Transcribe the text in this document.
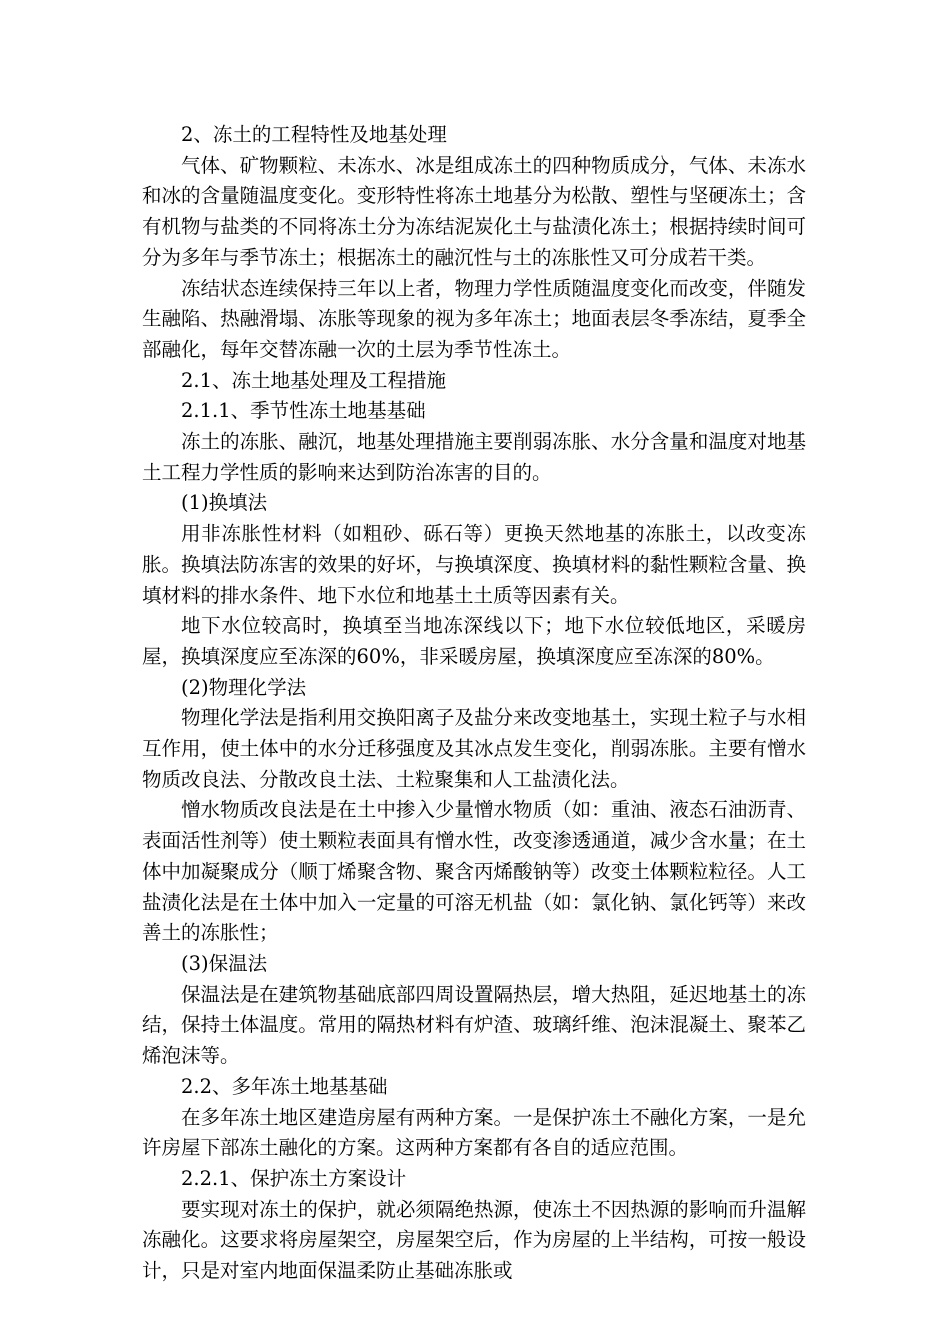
2、冻土的工程特性及地基处理

气体、矿物颗粒、未冻水、冰是组成冻土的四种物质成分，气体、未冻水和冰的含量随温度变化。变形特性将冻土地基分为松散、塑性与坚硬冻土；含有机物与盐类的不同将冻土分为冻结泥炭化土与盐渍化冻土；根据持续时间可分为多年与季节冻土；根据冻土的融沉性与土的冻胀性又可分成若干类。

冻结状态连续保持三年以上者，物理力学性质随温度变化而改变，伴随发生融陷、热融滑塌、冻胀等现象的视为多年冻土；地面表层冬季冻结，夏季全部融化，每年交替冻融一次的土层为季节性冻土。

2.1、冻土地基处理及工程措施

2.1.1、季节性冻土地基基础

冻土的冻胀、融沉，地基处理措施主要削弱冻胀、水分含量和温度对地基土工程力学性质的影响来达到防治冻害的目的。

(1)换填法

用非冻胀性材料（如粗砂、砾石等）更换天然地基的冻胀土，以改变冻胀。换填法防冻害的效果的好坏，与换填深度、换填材料的黏性颗粒含量、换填材料的排水条件、地下水位和地基土土质等因素有关。

地下水位较高时，换填至当地冻深线以下；地下水位较低地区，采暖房屋，换填深度应至冻深的60%，非采暖房屋，换填深度应至冻深的80%。

(2)物理化学法

物理化学法是指利用交换阳离子及盐分来改变地基土，实现土粒子与水相互作用，使土体中的水分迁移强度及其冰点发生变化，削弱冻胀。主要有憎水物质改良法、分散改良土法、土粒聚集和人工盐渍化法。

憎水物质改良法是在土中掺入少量憎水物质（如：重油、液态石油沥青、表面活性剂等）使土颗粒表面具有憎水性，改变渗透通道，减少含水量；在土体中加凝聚成分（顺丁烯聚含物、聚含丙烯酸钠等）改变土体颗粒粒径。人工盐渍化法是在土体中加入一定量的可溶无机盐（如：氯化钠、氯化钙等）来改善土的冻胀性；

(3)保温法

保温法是在建筑物基础底部四周设置隔热层，增大热阻，延迟地基土的冻结，保持土体温度。常用的隔热材料有炉渣、玻璃纤维、泡沫混凝土、聚苯乙烯泡沫等。

2.2、多年冻土地基基础

在多年冻土地区建造房屋有两种方案。一是保护冻土不融化方案，一是允许房屋下部冻土融化的方案。这两种方案都有各自的适应范围。

2.2.1、保护冻土方案设计

要实现对冻土的保护，就必须隔绝热源，使冻土不因热源的影响而升温解冻融化。这要求将房屋架空，房屋架空后，作为房屋的上半结构，可按一般设计，只是对室内地面保温柔防止基础冻胀或
